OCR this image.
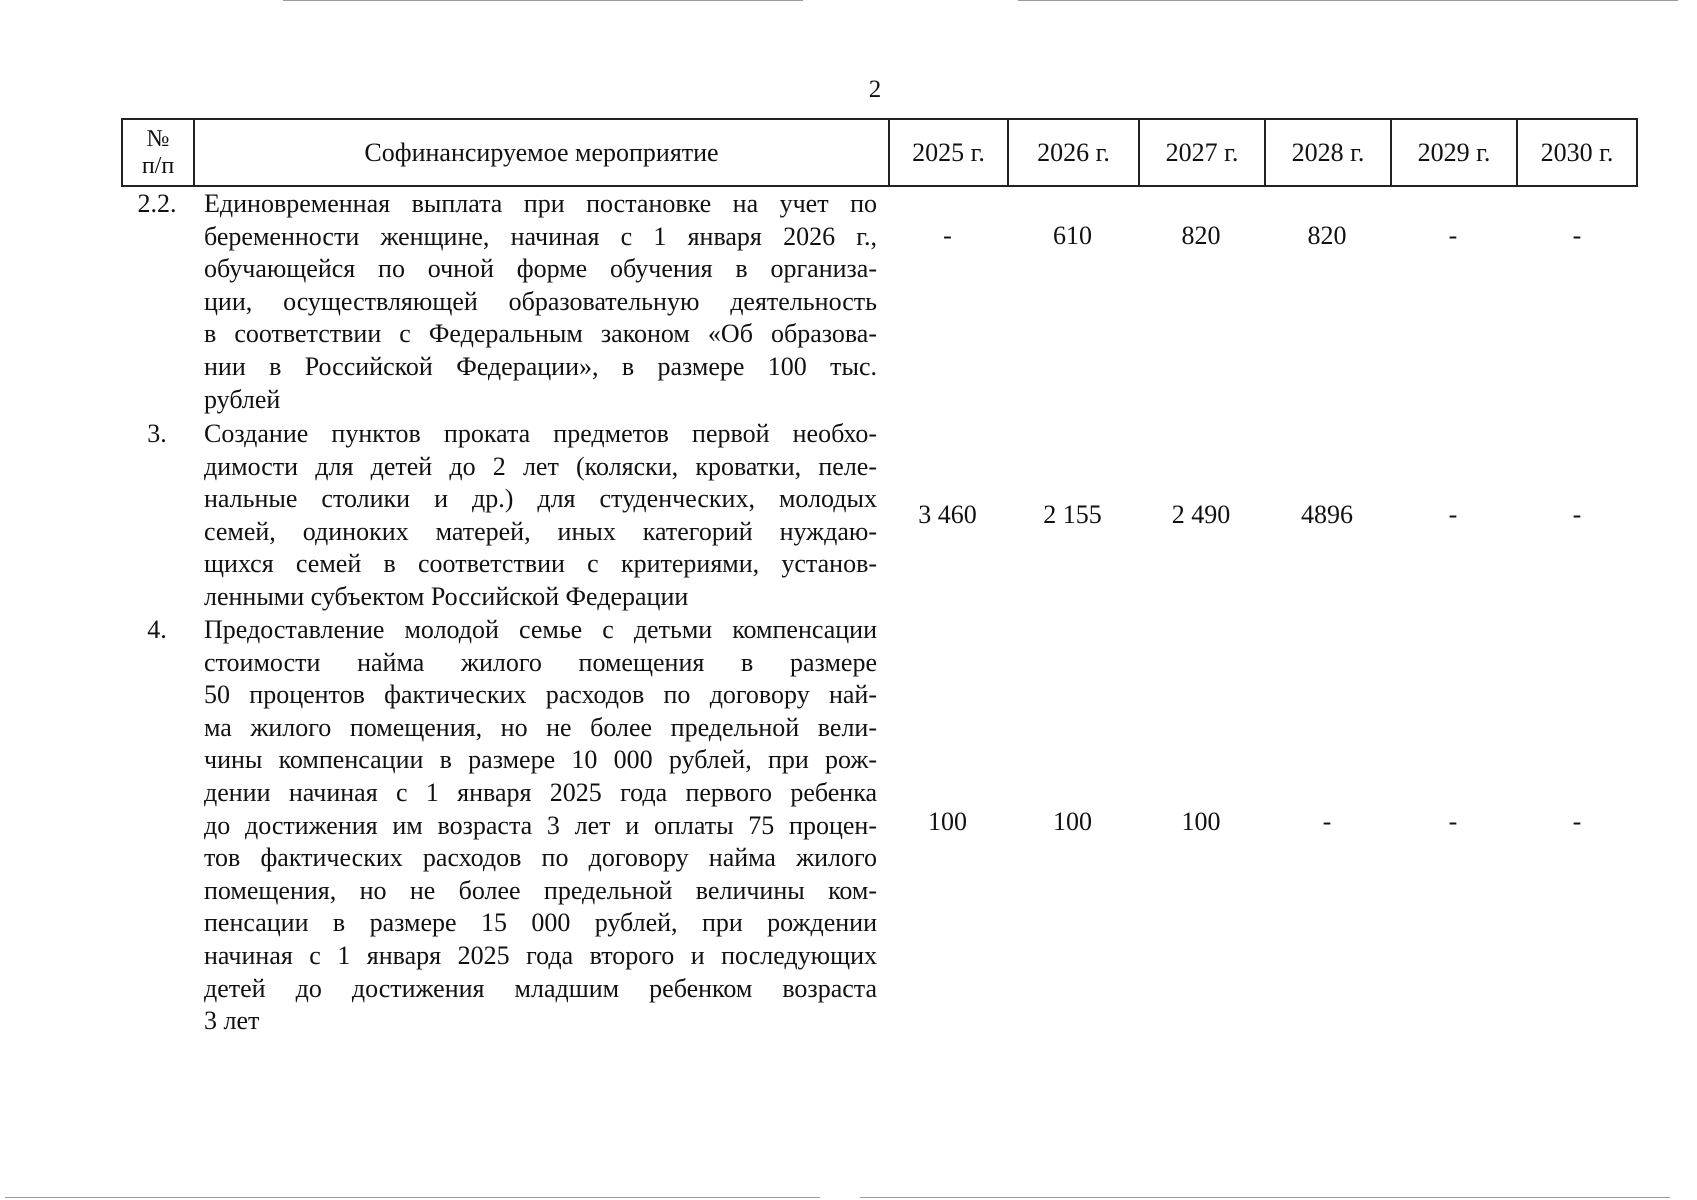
2
№
п/п	Софинансируемое мероприятие	2025 г.	2026 г.	2027 г.	2028 г.	2029 г.	2030 г.
2.2.	Единовременная выплата при постановке на учет по
беременности женщине, начиная с 1 января 2026 г.,
обучающейся по очной форме обучения в организа-
ции, осуществляющей образовательную деятельность
в соответствии с Федеральным законом «Об образова-
нии в Российской Федерации», в размере 100 тыс.
рублей
-	610	820	820	-	-
3.	Создание пунктов проката предметов первой необхо-
димости для детей до 2 лет (коляски, кроватки, пеле-
нальные столики и др.) для студенческих, молодых
семей, одиноких матерей, иных категорий нуждаю-
щихся семей в соответствии с критериями, установ-
ленными субъектом Российской Федерации
3 460	2 155	2 490	4896	-	-
4.	Предоставление молодой семье с детьми компенсации
стоимости найма жилого помещения в размере
50 процентов фактических расходов по договору най-
ма жилого помещения, но не более предельной вели-
чины компенсации в размере 10 000 рублей, при рож-
дении начиная с 1 января 2025 года первого ребенка
до достижения им возраста 3 лет и оплаты 75 процен-
тов фактических расходов по договору найма жилого
помещения, но не более предельной величины ком-
пенсации в размере 15 000 рублей, при рождении
начиная с 1 января 2025 года второго и последующих
детей до достижения младшим ребенком возраста
3 лет
100	100	100	-	-	-
